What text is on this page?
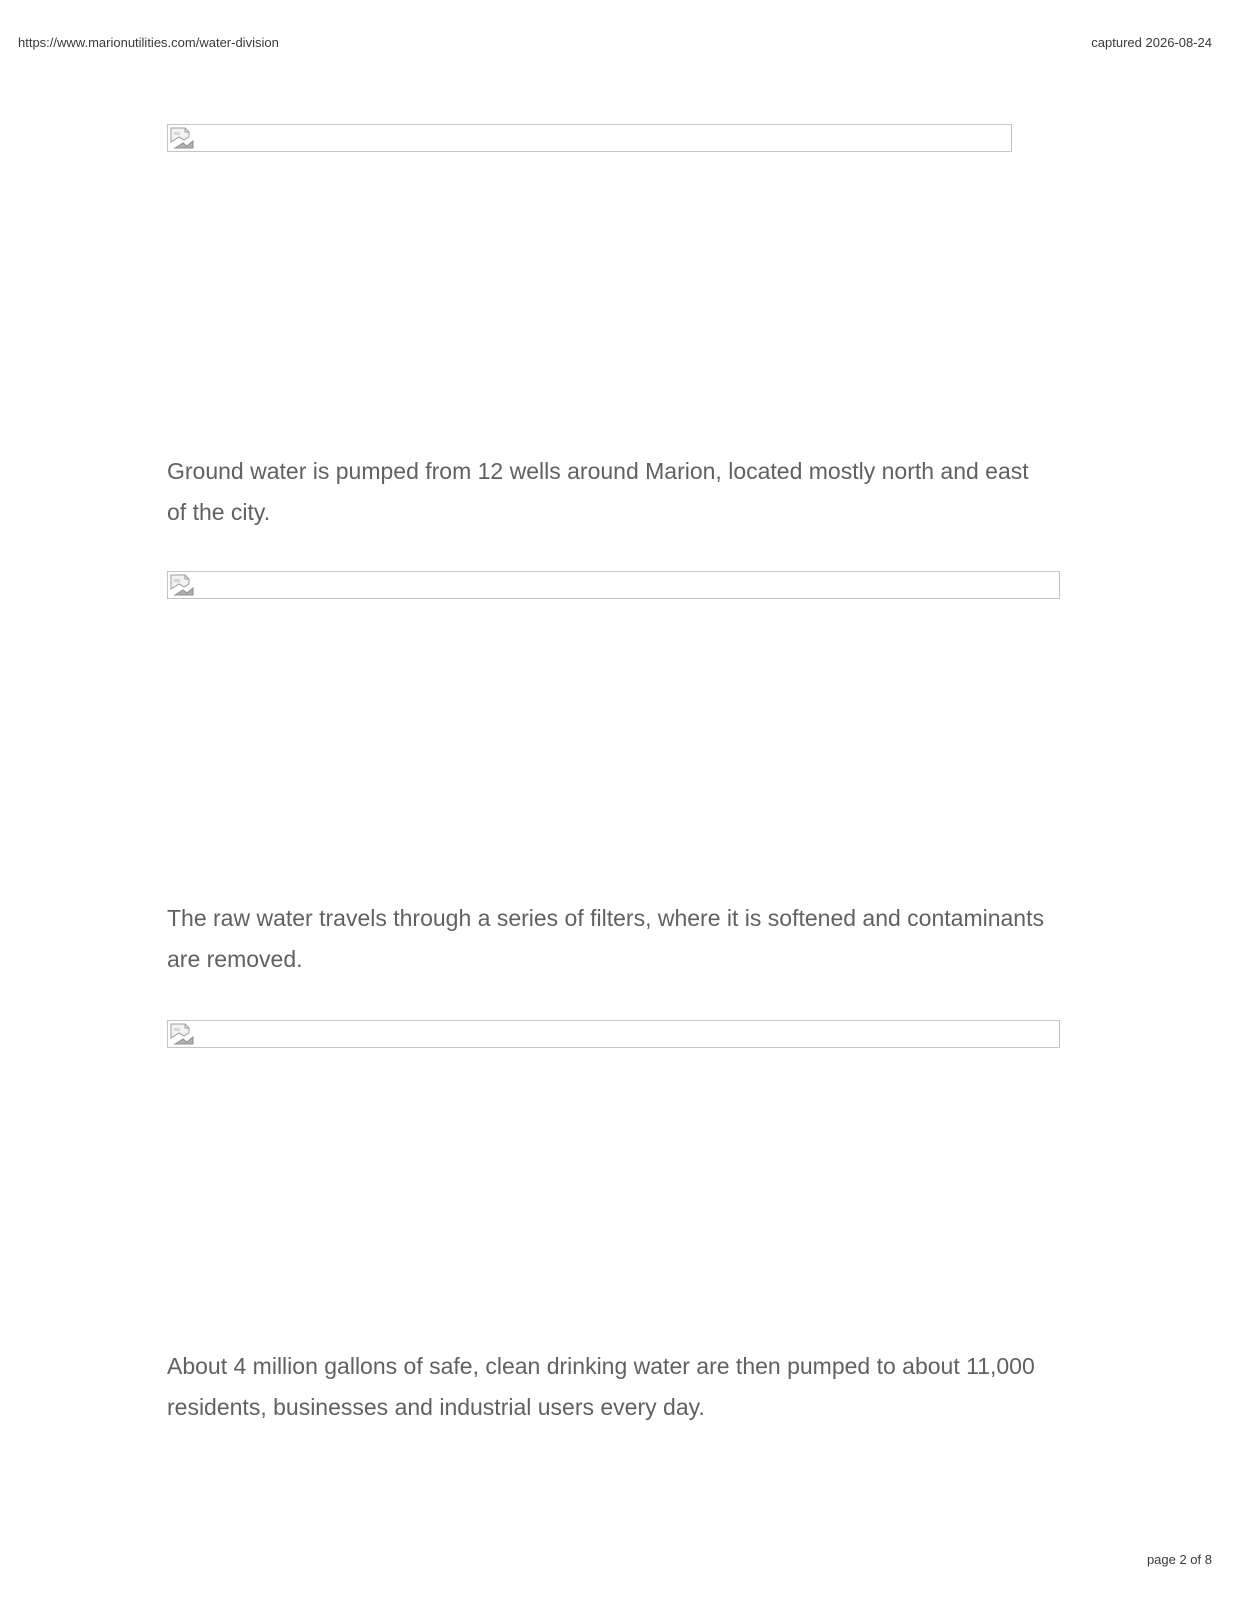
https://www.marionutilities.com/water-division	captured 2026-08-24

Ground water is pumped from 12 wells around Marion, located mostly north and east of the city.

The raw water travels through a series of filters, where it is softened and contaminants are removed.

About 4 million gallons of safe, clean drinking water are then pumped to about 11,000 residents, businesses and industrial users every day.

page 2 of 8
